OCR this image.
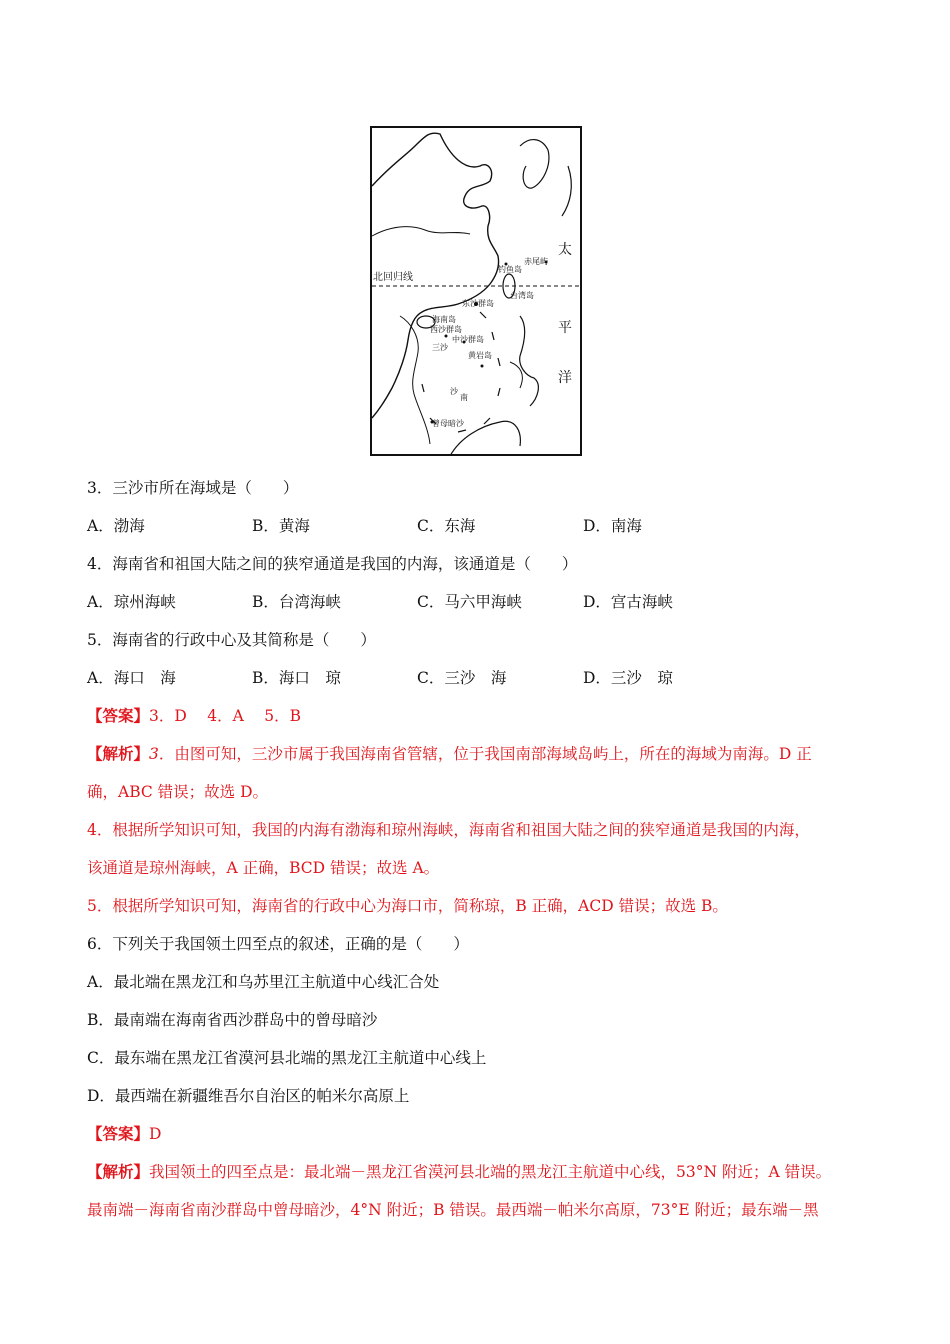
北回归线
钓鱼岛
赤尾屿
台湾岛
东沙群岛
海南岛
西沙群岛
中沙群岛
三沙
黄岩岛
南
沙
曾母暗沙
太
平
洋
3．三沙市所在海域是（　　）
A．渤海	B．黄海	C．东海	D．南海
4．海南省和祖国大陆之间的狭窄通道是我国的内海，该通道是（　　）
A．琼州海峡	B．台湾海峡	C．马六甲海峡	D．宫古海峡
5．海南省的行政中心及其简称是（　　）
A．海口　海	B．海口　琼	C．三沙　海	D．三沙　琼
【答案】3．D　 4．A　 5．B
【解析】3．由图可知，三沙市属于我国海南省管辖，位于我国南部海域岛屿上，所在的海域为南海。D 正
确，ABC 错误；故选 D。
4．根据所学知识可知，我国的内海有渤海和琼州海峡，海南省和祖国大陆之间的狭窄通道是我国的内海，
该通道是琼州海峡，A 正确，BCD 错误；故选 A。
5．根据所学知识可知，海南省的行政中心为海口市，简称琼，B 正确，ACD 错误；故选 B。
6．下列关于我国领土四至点的叙述，正确的是（　　）
A．最北端在黑龙江和乌苏里江主航道中心线汇合处
B．最南端在海南省西沙群岛中的曾母暗沙
C．最东端在黑龙江省漠河县北端的黑龙江主航道中心线上
D．最西端在新疆维吾尔自治区的帕米尔高原上
【答案】D
【解析】我国领土的四至点是：最北端－黑龙江省漠河县北端的黑龙江主航道中心线，53°N 附近；A 错误。
最南端－海南省南沙群岛中曾母暗沙，4°N 附近；B 错误。最西端－帕米尔高原，73°E 附近；最东端－黑
